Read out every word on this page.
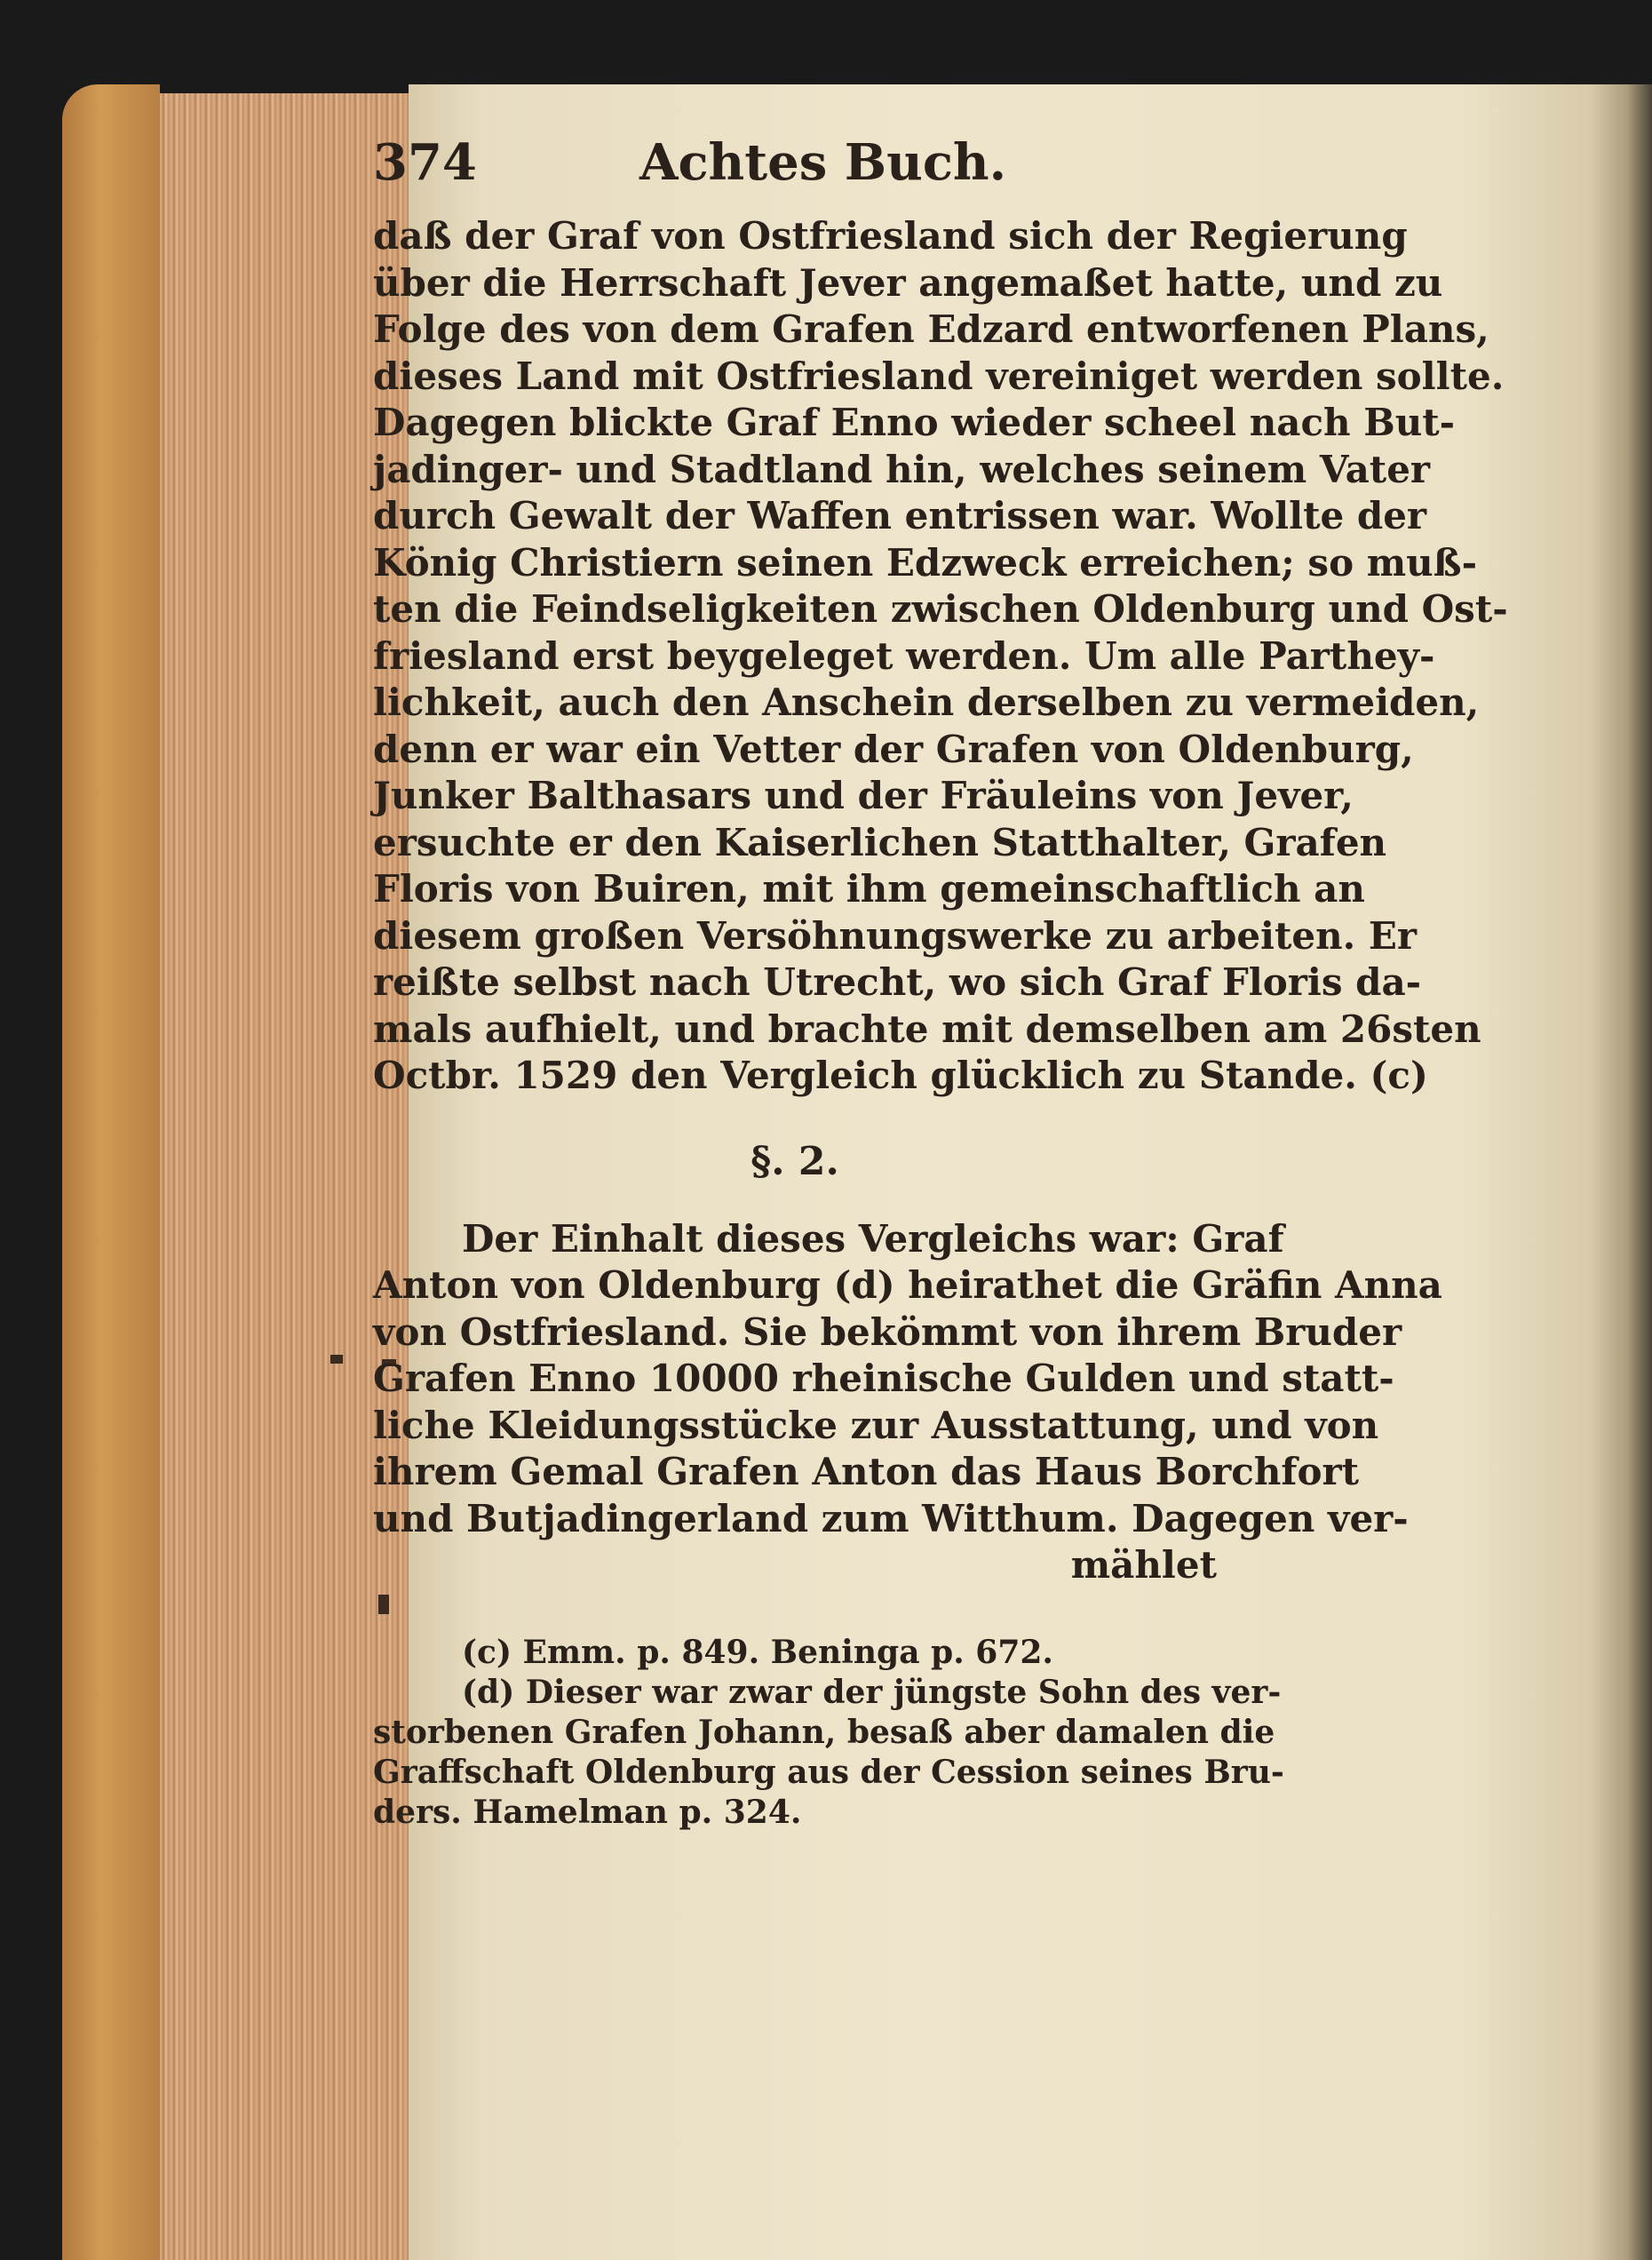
374	Achtes Buch.
daß der Graf von Ostfriesland sich der Regierung
über die Herrschaft Jever angemaßet hatte, und zu
Folge des von dem Grafen Edzard entworfenen Plans,
dieses Land mit Ostfriesland vereiniget werden sollte.
Dagegen blickte Graf Enno wieder scheel nach But-
jadinger- und Stadtland hin, welches seinem Vater
durch Gewalt der Waffen entrissen war. Wollte der
König Christiern seinen Edzweck erreichen; so muß-
ten die Feindseligkeiten zwischen Oldenburg und Ost-
friesland erst beygeleget werden. Um alle Parthey-
lichkeit, auch den Anschein derselben zu vermeiden,
denn er war ein Vetter der Grafen von Oldenburg,
Junker Balthasars und der Fräuleins von Jever,
ersuchte er den Kaiserlichen Statthalter, Grafen
Floris von Buiren, mit ihm gemeinschaftlich an
diesem großen Versöhnungswerke zu arbeiten. Er
reißte selbst nach Utrecht, wo sich Graf Floris da-
mals aufhielt, und brachte mit demselben am 26sten
Octbr. 1529 den Vergleich glücklich zu Stande. (c)
§. 2.
Der Einhalt dieses Vergleichs war: Graf
Anton von Oldenburg (d) heirathet die Gräfin Anna
von Ostfriesland. Sie bekömmt von ihrem Bruder
Grafen Enno 10000 rheinische Gulden und statt-
liche Kleidungsstücke zur Ausstattung, und von
ihrem Gemal Grafen Anton das Haus Borchfort
und Butjadingerland zum Witthum. Dagegen ver-
mählet
(c) Emm. p. 849. Beninga p. 672.
(d) Dieser war zwar der jüngste Sohn des ver-
storbenen Grafen Johann, besaß aber damalen die
Graffschaft Oldenburg aus der Cession seines Bru-
ders. Hamelman p. 324.
